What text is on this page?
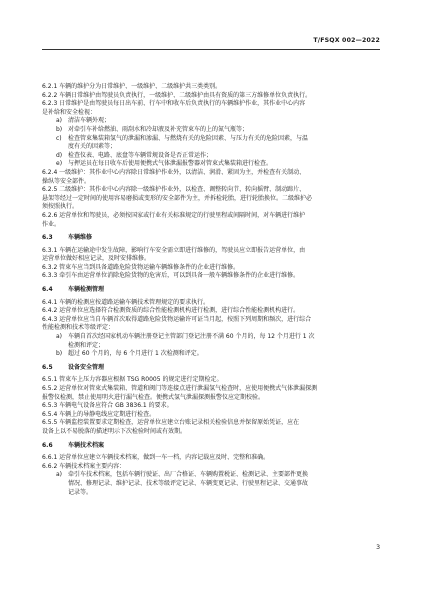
T/FSQX 002—2022
6.2.1 车辆的维护分为日常维护、一级维护、二级维护共三类类别。
6.2.2 车辆日常维护由驾驶员负责执行，一级维护、二级维护由具有资质的第三方维修单位负责执行。
6.2.3 日常维护是由驾驶员每日出车前、行车中和收车后负责执行的车辆维护作业，其作业中心内容
是补给和安全检视：
a) 清洁车辆外观；
b) 对牵引车补给燃油、雨刮水和冷却液及补充管束车的上的氮气瓶等；
c) 检查管束集装箱氢气的泄漏和渗漏、与燃烧有关的危险因素、与压力有关的危险因素，与温
度有关的因素等；
d) 检查仪表、电路、底盘等车辆常规设备是否正常运作；
e) 与押运员在每日收车后使用便携式气体泄漏报警器对管束式集装箱进行检查。
6.2.4 一级维护：其作业中心内容除日常维护作业外，以清洁、润滑、紧固为主，并检查有关制动、
操纵等安全部件。
6.2.5 二级维护：其作业中心内容除一级维护作业外，以检查、调整转向节、转向摇臂、制动蹄片、
悬架等经过一定时间的使用容易磨损或变形的安全部件为主，并拆检轮胎，进行轮胎换位。二级维护必
须按照执行。
6.2.6 运营单位和驾驶员，必须按国家或行业有关标准规定的行驶里程或间隔时间，对车辆进行维护
作业。
6.3	车辆维修
6.3.1 车辆在运输途中发生故障，影响行车安全需立即进行维修的，驾驶员应立即报告运营单位，由
运营单位做好相应记录，及时安排维修。
6.3.2 管束车应当到具备道路危险货物运输车辆维修条件的企业进行维修。
6.3.3 牵引车由运营单位消除危险货物的危害后，可以到具备一般车辆维修条件的企业进行维修。
6.4	车辆检测管理
6.4.1 车辆的检测应按道路运输车辆技术管理规定的要求执行。
6.4.2 运营单位应选择符合检测资质的综合性能检测机构进行检测，进行综合性能检测机构进行。
6.4.3 运营单位应当自车辆首次取得道路危险货物运输许可证当月起，按照下列周期和频次，进行综合
性能检测和技术等级评定：
a) 车辆自首次经国家机动车辆注册登记主管部门登记注册不满 60 个月的，每 12 个月进行 1 次
检测和评定；
b) 超过 60 个月的，每 6 个月进行 1 次检测和评定。
6.5	设备安全管理
6.5.1 管束车上压力容器应根据 TSG R0005 的规定进行定期检定。
6.5.2 运营单位对管束式集装箱、管道和阀门等连接点进行泄漏氢气检查时，应使用便携式气体泄漏探测
报警仪检测，禁止使用明火进行漏气检查。便携式氢气泄漏探测报警仪应定期校验。
6.5.3 车辆电气设备应符合 GB 3836.1 的要求。
6.5.4 车辆上的导静电线应定期进行检查。
6.5.5 车辆监控装置要求定期检查，运营单位应建立台账记录相关检验信息并保留原始凭证，应在
设备上以不易脱落的描述明示下次检验时间或有效期。
6.6	车辆技术档案
6.6.1 运营单位应建立车辆技术档案，做到一车一档，内容记载应及时、完整和准确。
6.6.2 车辆技术档案主要内容：
a) 牵引车技术档案，包括车辆行驶证、出厂合格证、车辆购置税证、检测记录、主要部件更换
情况、修理记录、维护记录、技术等级评定记录、车辆变更记录、行驶里程记录、交通事故
记录等。
3
